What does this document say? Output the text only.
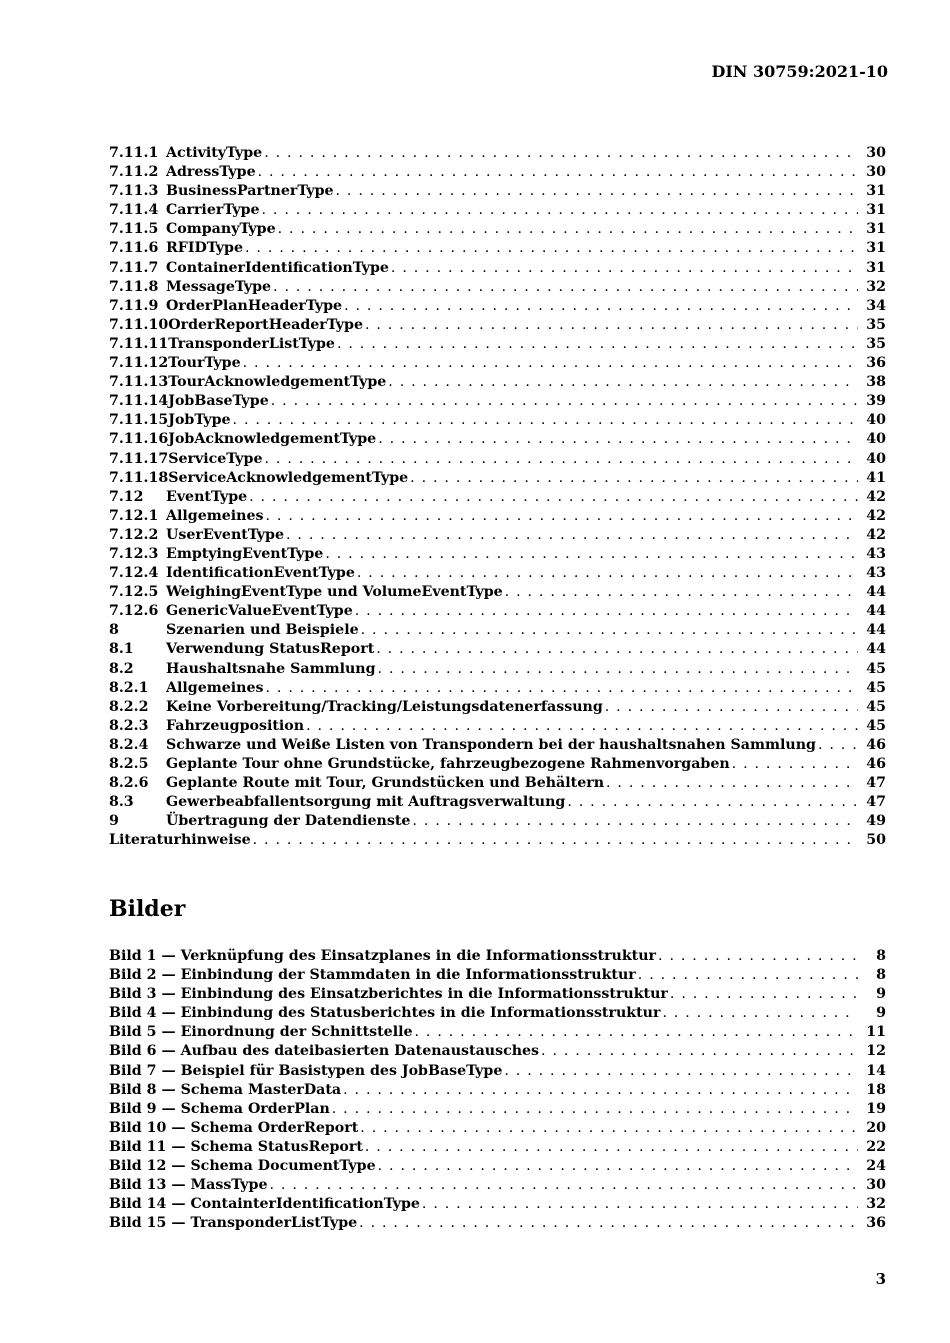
DIN 30759:2021-10
7.11.1 ActivityType . . .	30
7.11.2 AdressType . . .	30
7.11.3 BusinessPartnerType . . .	31
7.11.4 CarrierType . . .	31
7.11.5 CompanyType . . .	31
7.11.6 RFIDType . . .	31
7.11.7 ContainerIdentificationType . . .	31
7.11.8 MessageType . . .	32
7.11.9 OrderPlanHeaderType . . .	34
7.11.10 OrderReportHeaderType . . .	35
7.11.11 TransponderListType . . .	35
7.11.12 TourType . . .	36
7.11.13 TourAcknowledgementType . . .	38
7.11.14 JobBaseType . . .	39
7.11.15 JobType . . .	40
7.11.16 JobAcknowledgementType . . .	40
7.11.17 ServiceType . . .	40
7.11.18 ServiceAcknowledgementType . . .	41
7.12	EventType . . .	42
7.12.1 Allgemeines . . .	42
7.12.2 UserEventType . . .	42
7.12.3 EmptyingEventType . . .	43
7.12.4 IdentificationEventType . . .	43
7.12.5 WeighingEventType und VolumeEventType . . .	44
7.12.6 GenericValueEventType . . .	44
8	Szenarien und Beispiele . . .	44
8.1	Verwendung StatusReport . . .	44
8.2	Haushaltsnahe Sammlung . . .	45
8.2.1	Allgemeines . . .	45
8.2.2	Keine Vorbereitung/Tracking/Leistungsdatenerfassung . . .	45
8.2.3	Fahrzeugposition . . .	45
8.2.4	Schwarze und Weiße Listen von Transpondern bei der haushaltsnahen Sammlung . . .	46
8.2.5	Geplante Tour ohne Grundstücke, fahrzeugbezogene Rahmenvorgaben . . .	46
8.2.6	Geplante Route mit Tour, Grundstücken und Behältern . . .	47
8.3	Gewerbeabfallentsorgung mit Auftragsverwaltung . . .	47
9	Übertragung der Datendienste . . .	49
Literaturhinweise . . .	50
Bilder
Bild 1 — Verknüpfung des Einsatzplanes in die Informationsstruktur . . .	8
Bild 2 — Einbindung der Stammdaten in die Informationsstruktur . . .	8
Bild 3 — Einbindung des Einsatzberichtes in die Informationsstruktur . . .	9
Bild 4 — Einbindung des Statusberichtes in die Informationsstruktur . . .	9
Bild 5 — Einordnung der Schnittstelle . . .	11
Bild 6 — Aufbau des dateibasierten Datenaustausches . . .	12
Bild 7 — Beispiel für Basistypen des JobBaseType . . .	14
Bild 8 — Schema MasterData . . .	18
Bild 9 — Schema OrderPlan . . .	19
Bild 10 — Schema OrderReport . . .	20
Bild 11 — Schema StatusReport . . .	22
Bild 12 — Schema DocumentType . . .	24
Bild 13 — MassType . . .	30
Bild 14 — ContainterIdentificationType . . .	32
Bild 15 — TransponderListType . . .	36
3
